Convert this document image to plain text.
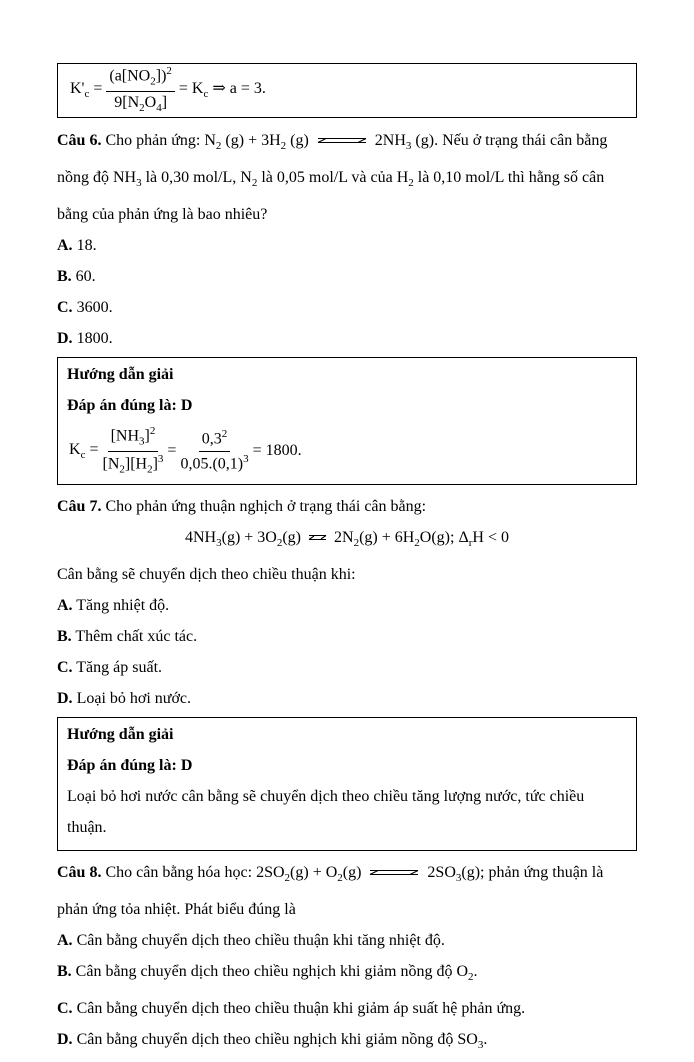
$K'_c = \frac{(a[NO_2])^2}{9[N_2O_4]} = K_c$ ⇒ a = 3.

Câu 6. Cho phản ứng: $N_2$ $(g) + 3H_2$ (g) ⇌ $2NH_3$ (g). Nếu ở trạng thái cân bằng nồng độ $NH_3$ là 0,30 mol/L, $N_2$ là 0,05 mol/L và của $H_2$ là 0,10 mol/L thì hằng số cân bằng của phản ứng là bao nhiêu?

A. 18.

B. 60.

C. 3600.

D. 1800.

Hướng dẫn giải

Đáp án đúng là: D

$K_c = \frac{[NH_3]^2}{[N_2][H_2]^3} = \frac{0,3^2}{0,05.(0,1)^3} = 1800$.

Câu 7. Cho phản ứng thuận nghịch ở trạng thái cân bằng:

$4NH_3(g) + 3O_2(g)$ ⇌ $2N_2(g) + 6H_2O(g)$; $\Delta_rH < 0$

Cân bằng sẽ chuyển dịch theo chiều thuận khi:

A. Tăng nhiệt độ.

B. Thêm chất xúc tác.

C. Tăng áp suất.

D. Loại bỏ hơi nước.

Hướng dẫn giải

Đáp án đúng là: D

Loại bỏ hơi nước cân bằng sẽ chuyển dịch theo chiều tăng lượng nước, tức chiều thuận.

Câu 8. Cho cân bằng hóa học: $2SO_2(g) + O_2(g)$ ⇌ $2SO_3(g)$; phản ứng thuận là phản ứng tỏa nhiệt. Phát biểu đúng là

A. Cân bằng chuyển dịch theo chiều thuận khi tăng nhiệt độ.

B. Cân bằng chuyển dịch theo chiều nghịch khi giảm nồng độ $O_2$.

C. Cân bằng chuyển dịch theo chiều thuận khi giảm áp suất hệ phản ứng.

D. Cân bằng chuyển dịch theo chiều nghịch khi giảm nồng độ $SO_3$.
